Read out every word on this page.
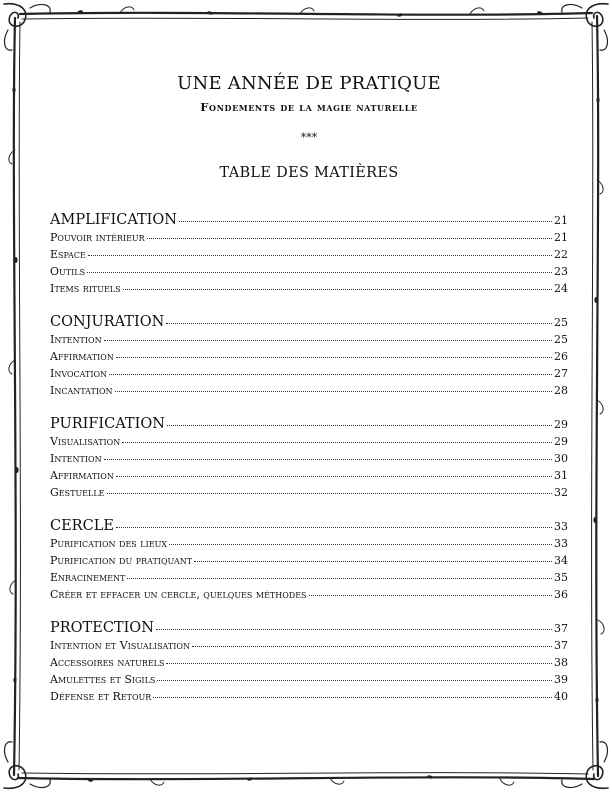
UNE ANNÉE DE PRATIQUE
Fondements de la magie naturelle
***
TABLE DES MATIÈRES
AMPLIFICATION	21
Pouvoir intérieur	21
Espace	22
Outils	23
Items rituels	24
CONJURATION	25
Intention	25
Affirmation	26
Invocation	27
Incantation	28
PURIFICATION	29
Visualisation	29
Intention	30
Affirmation	31
Gestuelle	32
CERCLE	33
Purification des lieux	33
Purification du pratiquant	34
Enracinement	35
Créer et effacer un cercle, quelques méthodes	36
PROTECTION	37
Intention et Visualisation	37
Accessoires naturels	38
Amulettes et Sigils	39
Défense et Retour	40
